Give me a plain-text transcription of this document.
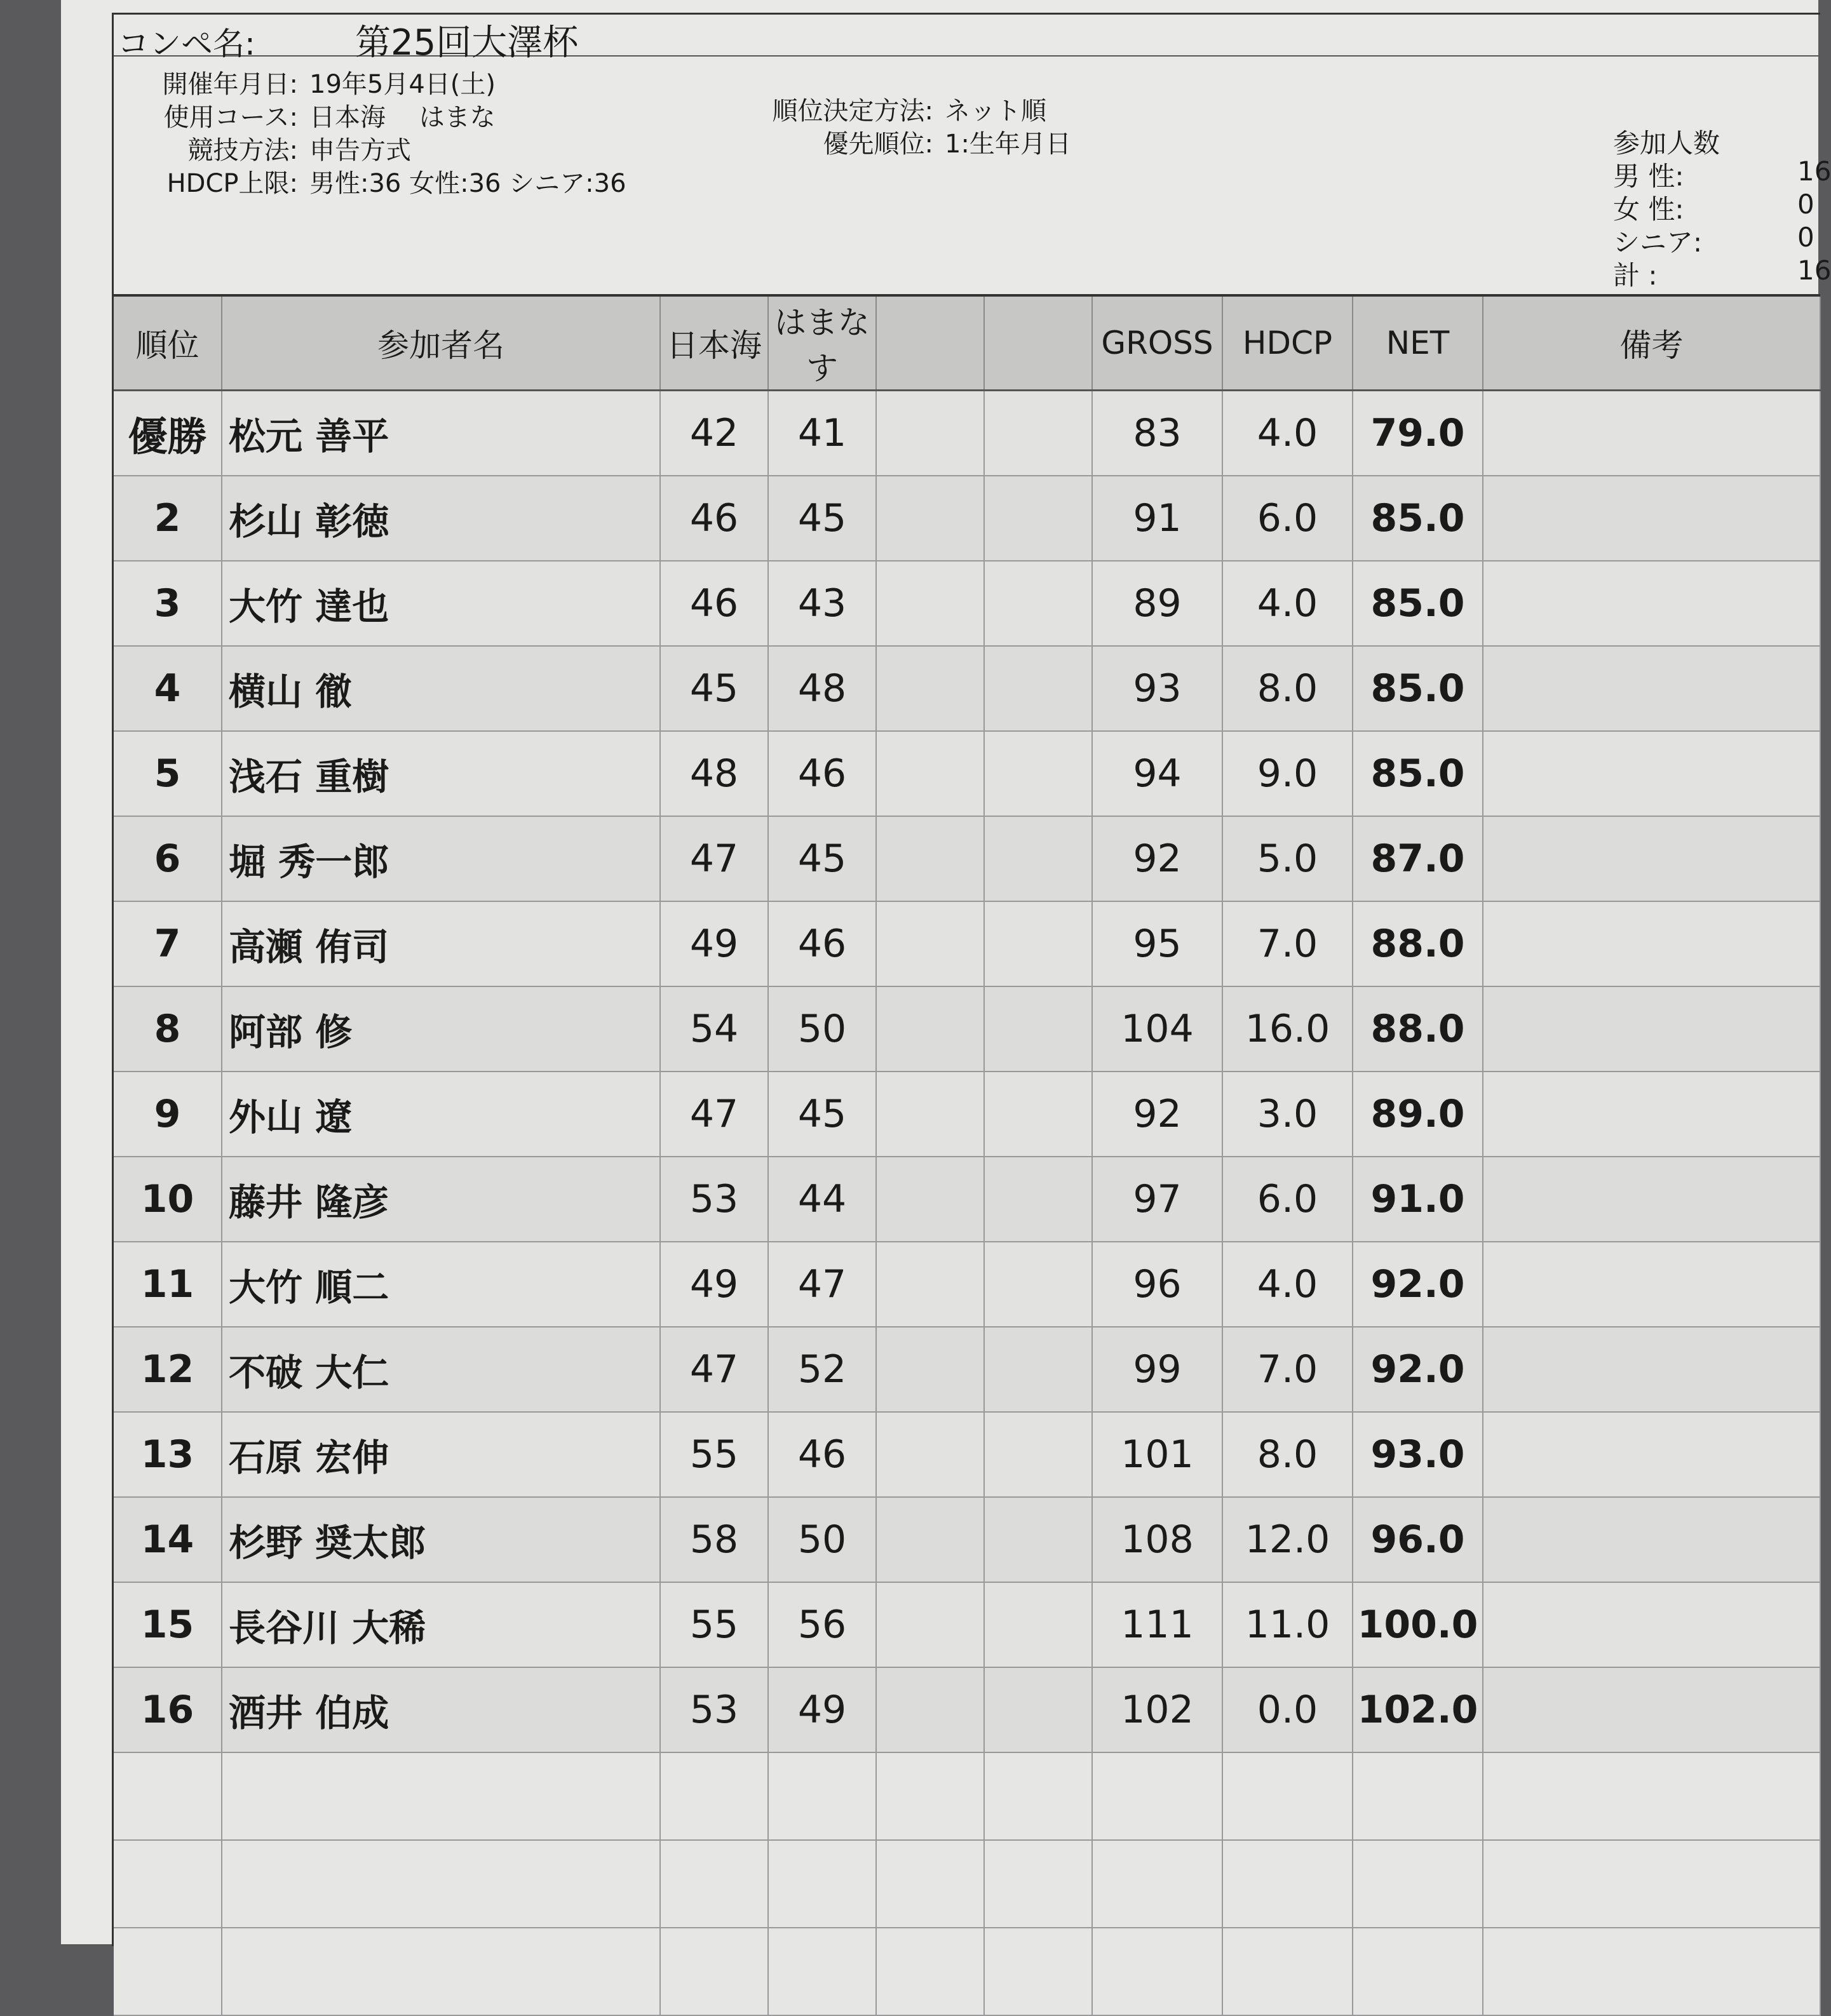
コンペ名:	第25回大澤杯
開催年月日: 19年5月4日(土)
使用コース: 日本海　 はまな
競技方法: 申告方式
HDCP上限: 男性:36 女性:36 シニア:36
順位決定方法: ネット順
優先順位: 1:生年月日	参加人数
男 性:	16
女 性:	0
シニア:	0
計 :	16
順位	参加者名	日本海	はまなす			GROSS	HDCP	NET	備考
優勝	松元 善平	42	41			83	4.0	79.0	
2	杉山 彰徳	46	45			91	6.0	85.0	
3	大竹 達也	46	43			89	4.0	85.0	
4	横山 徹	45	48			93	8.0	85.0	
5	浅石 重樹	48	46			94	9.0	85.0	
6	堀 秀一郎	47	45			92	5.0	87.0	
7	高瀬 侑司	49	46			95	7.0	88.0	
8	阿部 修	54	50			104	16.0	88.0	
9	外山 遼	47	45			92	3.0	89.0	
10	藤井 隆彦	53	44			97	6.0	91.0	
11	大竹 順二	49	47			96	4.0	92.0	
12	不破 大仁	47	52			99	7.0	92.0	
13	石原 宏伸	55	46			101	8.0	93.0	
14	杉野 奨太郎	58	50			108	12.0	96.0	
15	長谷川 大稀	55	56			111	11.0	100.0	
16	酒井 伯成	53	49			102	0.0	102.0	
